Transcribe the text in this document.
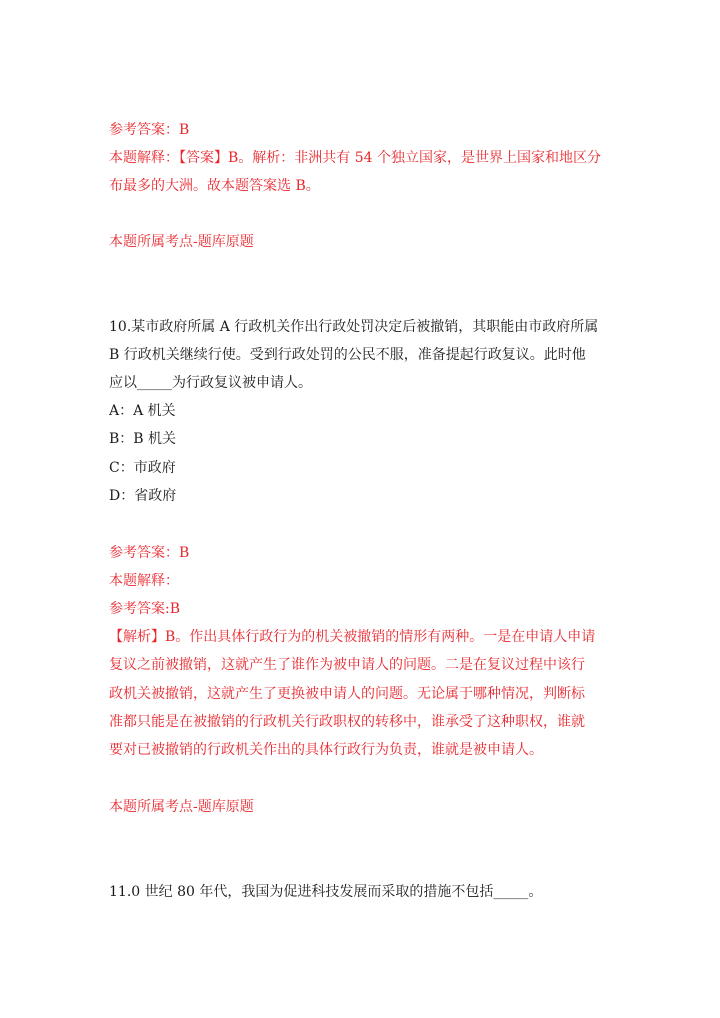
参考答案：B
本题解释：【答案】B。解析：非洲共有 54 个独立国家，是世界上国家和地区分
布最多的大洲。故本题答案选 B。
本题所属考点-题库原题
10.某市政府所属 A 行政机关作出行政处罚决定后被撤销，其职能由市政府所属
B 行政机关继续行使。受到行政处罚的公民不服，准备提起行政复议。此时他
应以_____为行政复议被申请人。
A：A 机关
B：B 机关
C：市政府
D：省政府
参考答案：B
本题解释：
参考答案:B
【解析】B。作出具体行政行为的机关被撤销的情形有两种。一是在申请人申请
复议之前被撤销，这就产生了谁作为被申请人的问题。二是在复议过程中该行
政机关被撤销，这就产生了更换被申请人的问题。无论属于哪种情况，判断标
准都只能是在被撤销的行政机关行政职权的转移中，谁承受了这种职权，谁就
要对已被撤销的行政机关作出的具体行政行为负责，谁就是被申请人。
本题所属考点-题库原题
11.0 世纪 80 年代，我国为促进科技发展而采取的措施不包括_____。
